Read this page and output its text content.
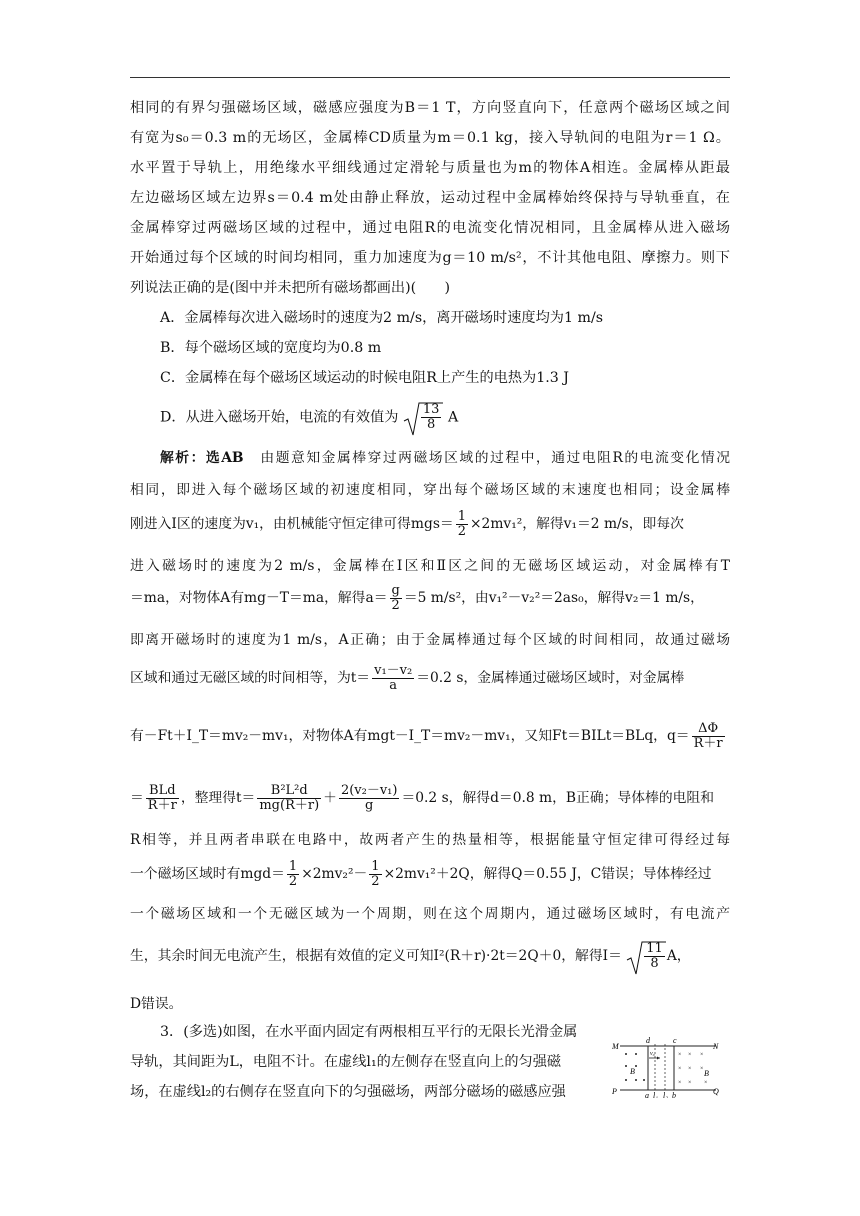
相同的有界匀强磁场区域，磁感应强度为B＝1 T，方向竖直向下，任意两个磁场区域之间
有宽为s₀＝0.3 m的无场区，金属棒CD质量为m＝0.1 kg，接入导轨间的电阻为r＝1 Ω。
水平置于导轨上，用绝缘水平细线通过定滑轮与质量也为m的物体A相连。金属棒从距最
左边磁场区域左边界s＝0.4 m处由静止释放，运动过程中金属棒始终保持与导轨垂直，在
金属棒穿过两磁场区域的过程中，通过电阻R的电流变化情况相同，且金属棒从进入磁场
开始通过每个区域的时间均相同，重力加速度为g＝10 m/s²，不计其他电阻、摩擦力。则下
列说法正确的是(图中并未把所有磁场都画出)(　　)
A．金属棒每次进入磁场时的速度为2 m/s，离开磁场时速度均为1 m/s
B．每个磁场区域的宽度均为0.8 m
C．金属棒在每个磁场区域运动的时候电阻R上产生的电热为1.3 J
D．从进入磁场开始，电流的有效值为 $\frac{13}{8}$ A
解析：选AB　 由题意知金属棒穿过两磁场区域的过程中，通过电阻R的电流变化情况
相同，即进入每个磁场区域的初速度相同，穿出每个磁场区域的末速度也相同；设金属棒
刚进入Ⅰ区的速度为v₁，由机械能守恒定律可得$mgs= \frac{1}{2} \times 2mv_1^2$，解得v₁＝2 m/s，即每次
进入磁场时的速度为2 m/s，金属棒在Ⅰ区和Ⅱ区之间的无磁场区域运动，对金属棒有T
＝ma，对物体A有mg－T＝ma，解得$a= \frac{g}{2} =5$ m/s²，由v₁²－v₂²＝2as₀，解得v₂＝1 m/s，
即离开磁场时的速度为1 m/s，A正确；由于金属棒通过每个区域的时间相同，故通过磁场
区域和通过无磁区域的时间相等，为$t= \frac{\text{v₁－v₂}}{a} =0.2$ s，金属棒通过磁场区域时，对金属棒
有－Ft＋I_T＝mv₂－mv₁，对物体A有mgt－I_T＝mv₂－mv₁，又知Ft＝BILt＝BLq，$q= \frac{\Delta\Phi}{R+r}$
＝ $\frac{\text{BLd}}{R+r}$ ，整理得$t= \frac{\text{B²L²d}}{mg(R+r)} + \frac{\text{2(v₂－v₁)}}{g} =0.2$ s，解得d＝0.8 m，B正确；导体棒的电阻和
R相等，并且两者串联在电路中，故两者产生的热量相等，根据能量守恒定律可得经过每
一个磁场区域时有$mgd= \frac{1}{2} \times 2mv_2^2- \frac{1}{2} \times 2mv_1^2+2Q$，解得Q＝0.55 J，C错误；导体棒经过
一个磁场区域和一个无磁区域为一个周期，则在这个周期内，通过磁场区域时，有电流产
生，其余时间无电流产生，根据有效值的定义可知I²(R＋r)·2t＝2Q＋0，解得$I= \frac{11}{8}$ A，
D错误。
3．(多选)如图，在水平面内固定有两根相互平行的无限长光滑金属
导轨，其间距为L，电阻不计。在虚线l₁的左侧存在竖直向上的匀强磁
场，在虚线l₂的右侧存在竖直向下的匀强磁场，两部分磁场的磁感应强
× × ×
× × ×
× × ×
M	N
P	Q
d	c
a	b
l₁ l₂
B	B
v₀
